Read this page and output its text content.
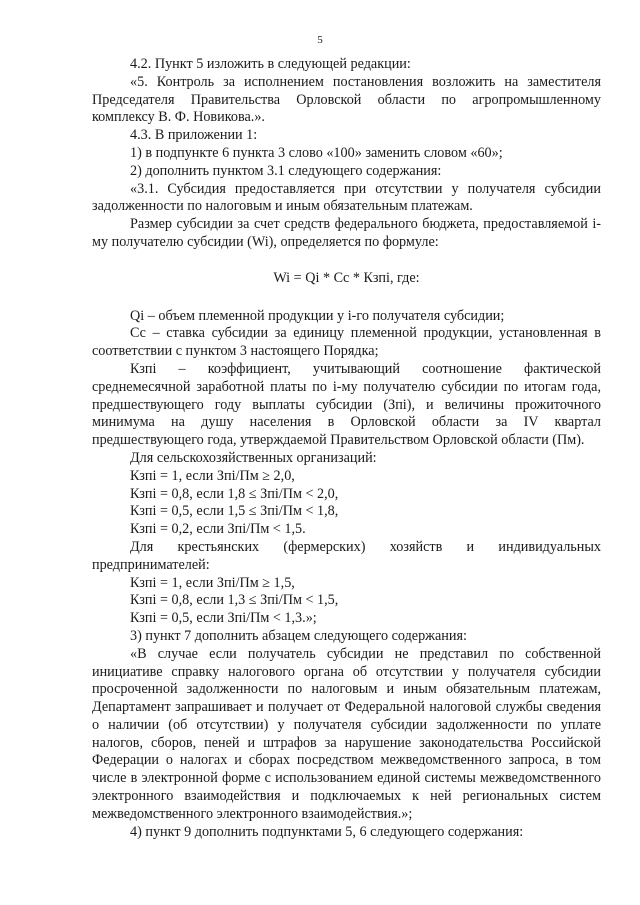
5

4.2. Пункт 5 изложить в следующей редакции:

«5. Контроль за исполнением постановления возложить на заместителя Председателя Правительства Орловской области по агропромышленному комплексу В. Ф. Новикова.».

4.3. В приложении 1:

1) в подпункте 6 пункта 3 слово «100» заменить словом «60»;

2) дополнить пунктом 3.1 следующего содержания:

«3.1. Субсидия предоставляется при отсутствии у получателя субсидии задолженности по налоговым и иным обязательным платежам.

Размер субсидии за счет средств федерального бюджета, предоставляемой i-му получателю субсидии (Wi), определяется по формуле:

Wi = Qi * Cc * Кзпi, где:

Qi – объем племенной продукции у i-го получателя субсидии;

Сс – ставка субсидии за единицу племенной продукции, установленная в соответствии с пунктом 3 настоящего Порядка;

Кзпi – коэффициент, учитывающий соотношение фактической среднемесячной заработной платы по i-му получателю субсидии по итогам года, предшествующего году выплаты субсидии (Зпi), и величины прожиточного минимума на душу населения в Орловской области за IV квартал предшествующего года, утверждаемой Правительством Орловской области (Пм).

Для сельскохозяйственных организаций:

Кзпi = 1, если Зпi/Пм ≥ 2,0,

Кзпi = 0,8, если 1,8 ≤ Зпi/Пм < 2,0,

Кзпi = 0,5, если 1,5 ≤ Зпi/Пм < 1,8,

Кзпi = 0,2, если Зпi/Пм < 1,5.

Для крестьянских (фермерских) хозяйств и индивидуальных предпринимателей:

Кзпi = 1, если Зпi/Пм ≥ 1,5,

Кзпi = 0,8, если 1,3 ≤ Зпi/Пм < 1,5,

Кзпi = 0,5, если Зпi/Пм < 1,3.»;

3) пункт 7 дополнить абзацем следующего содержания:

«В случае если получатель субсидии не представил по собственной инициативе справку налогового органа об отсутствии у получателя субсидии просроченной задолженности по налоговым и иным обязательным платежам, Департамент запрашивает и получает от Федеральной налоговой службы сведения о наличии (об отсутствии) у получателя субсидии задолженности по уплате налогов, сборов, пеней и штрафов за нарушение законодательства Российской Федерации о налогах и сборах посредством межведомственного запроса, в том числе в электронной форме с использованием единой системы межведомственного электронного взаимодействия и подключаемых к ней региональных систем межведомственного электронного взаимодействия.»;

4) пункт 9 дополнить подпунктами 5, 6 следующего содержания:
